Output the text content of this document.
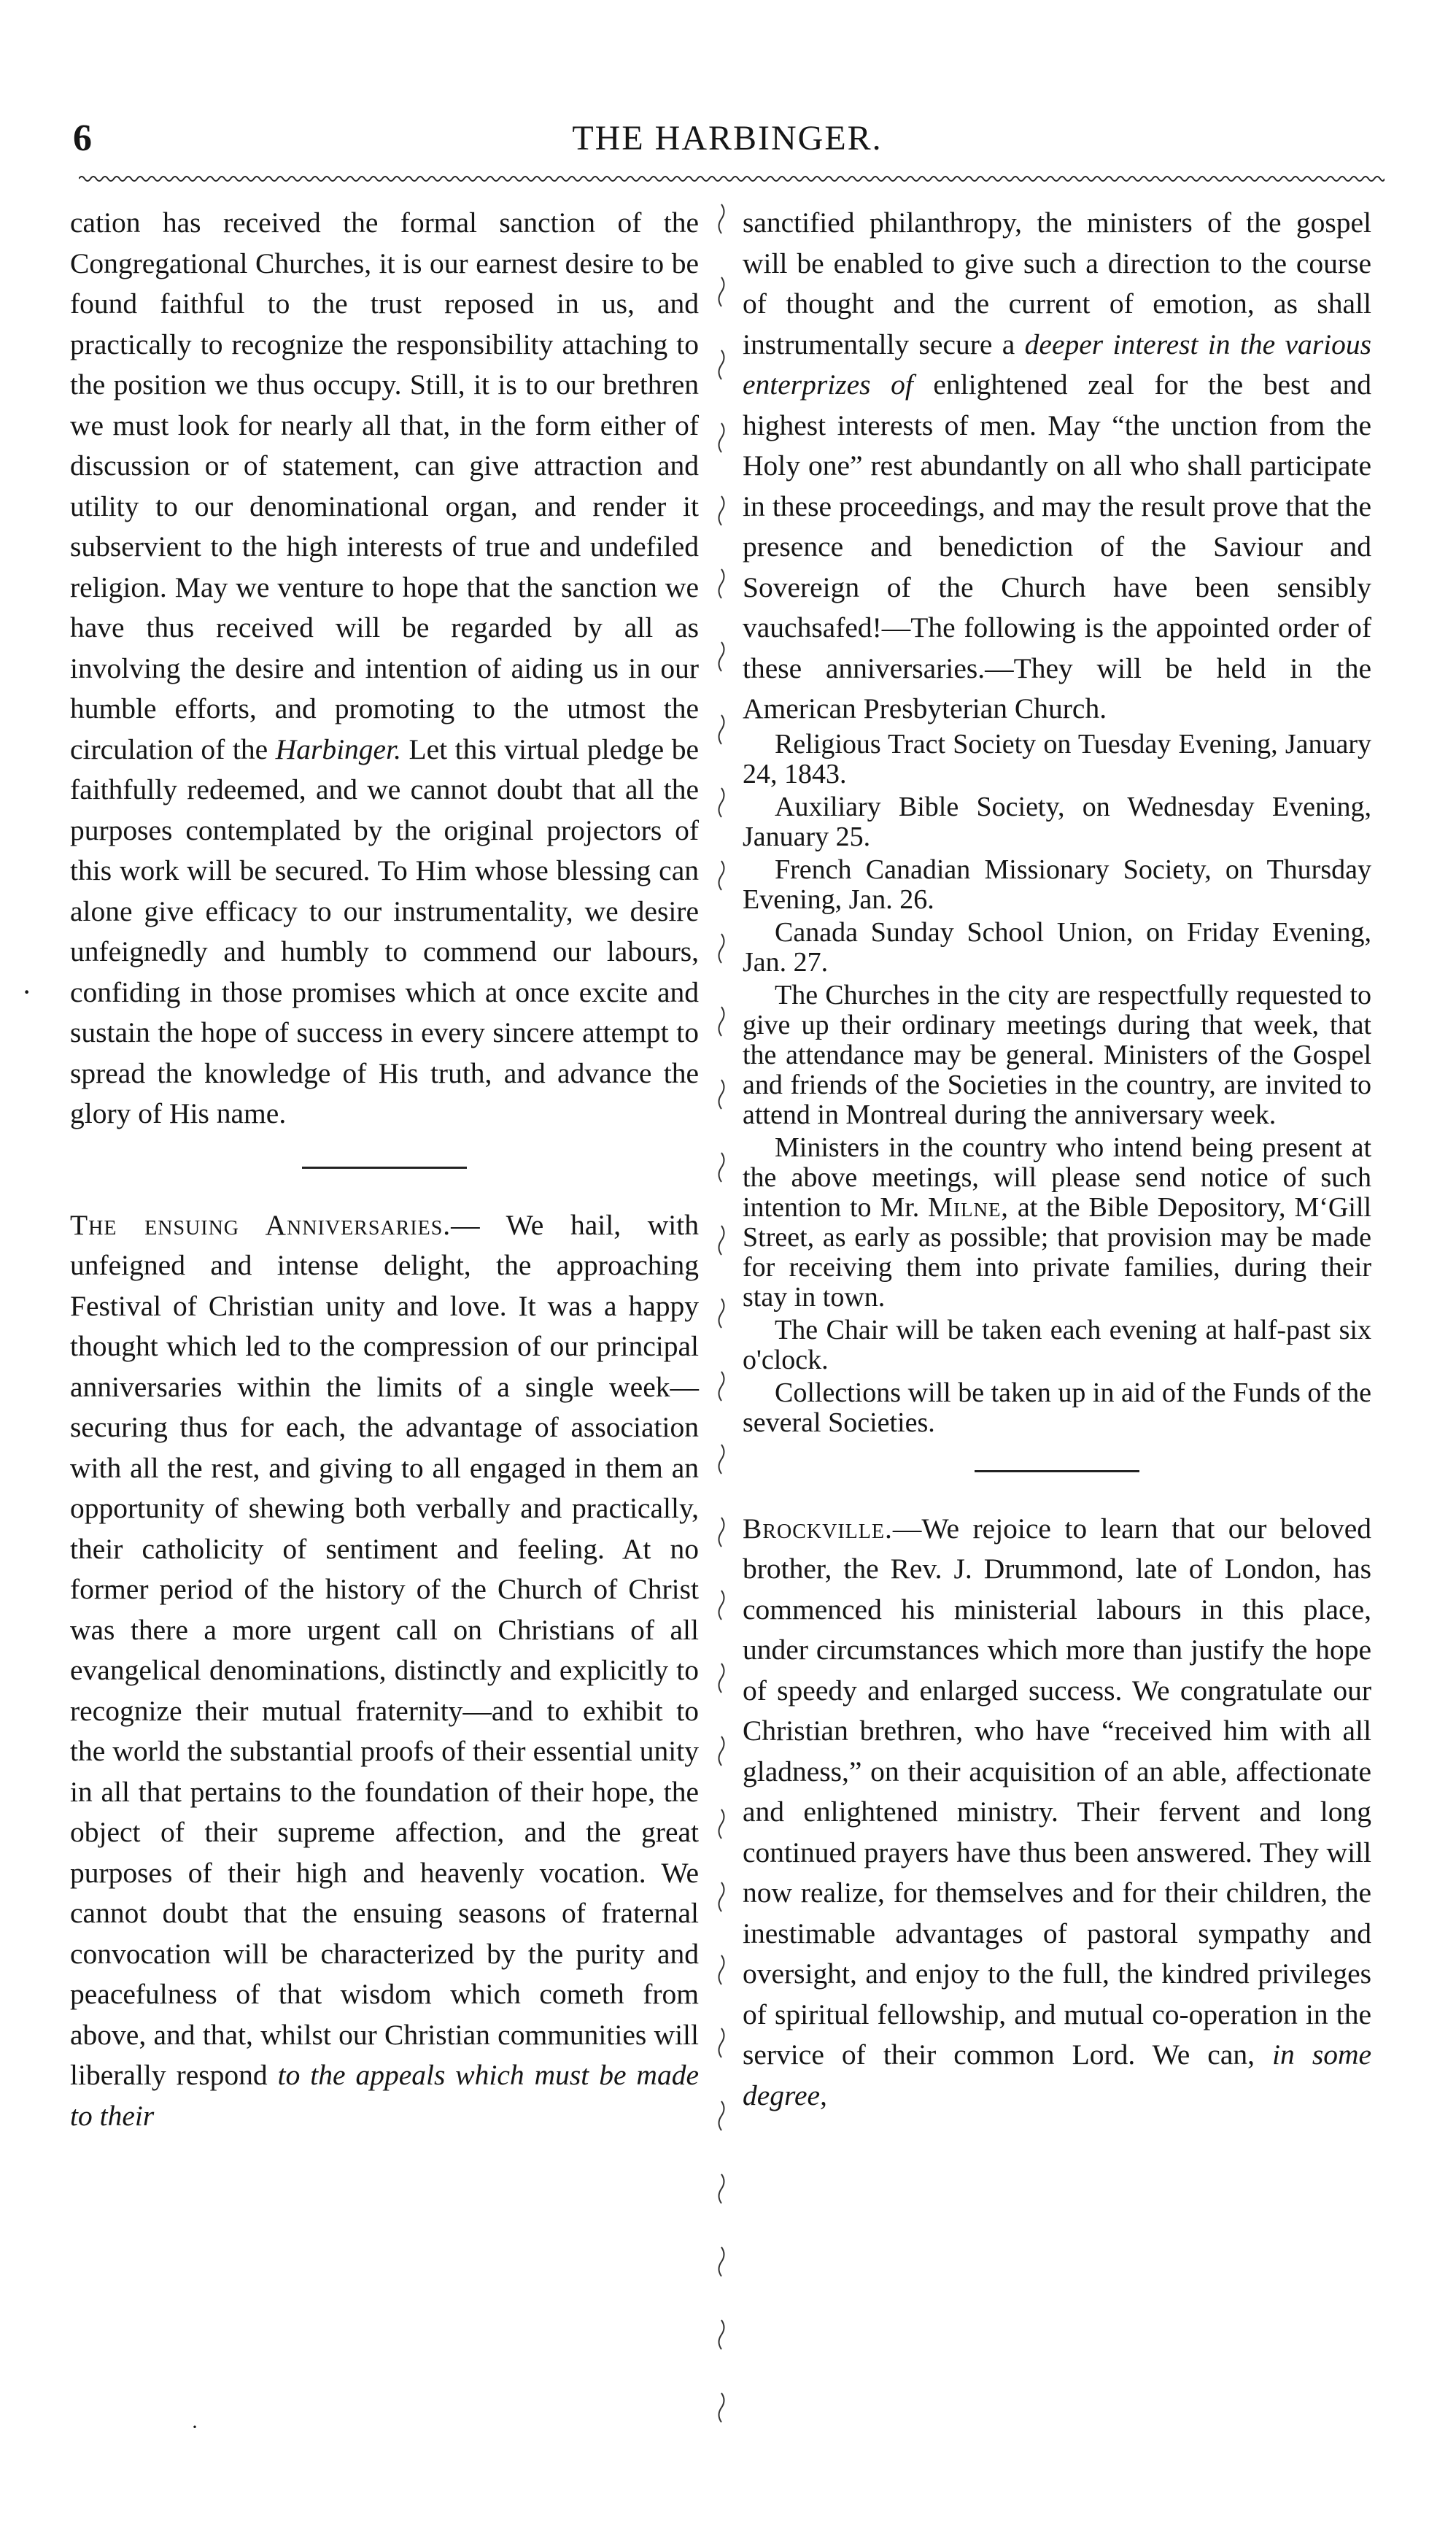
6	THE HARBINGER.

cation has received the formal sanction of the Congregational Churches, it is our earnest desire to be found faithful to the trust reposed in us, and practically to recognize the responsibility attaching to the position we thus occupy. Still, it is to our brethren we must look for nearly all that, in the form either of discussion or of statement, can give attraction and utility to our denominational organ, and render it subservient to the high interests of true and undefiled religion. May we venture to hope that the sanction we have thus received will be regarded by all as involving the desire and intention of aiding us in our humble efforts, and promoting to the utmost the circulation of the Harbinger. Let this virtual pledge be faithfully redeemed, and we cannot doubt that all the purposes contemplated by the original projectors of this work will be secured. To Him whose blessing can alone give efficacy to our instrumentality, we desire unfeignedly and humbly to commend our labours, confiding in those promises which at once excite and sustain the hope of success in every sincere attempt to spread the knowledge of His truth, and advance the glory of His name.

The ensuing Anniversaries.— We hail, with unfeigned and intense delight, the approaching Festival of Christian unity and love. It was a happy thought which led to the compression of our principal anniversaries within the limits of a single week—securing thus for each, the advantage of association with all the rest, and giving to all engaged in them an opportunity of shewing both verbally and practically, their catholicity of sentiment and feeling. At no former period of the history of the Church of Christ was there a more urgent call on Christians of all evangelical denominations, distinctly and explicitly to recognize their mutual fraternity—and to exhibit to the world the substantial proofs of their essential unity in all that pertains to the foundation of their hope, the object of their supreme affection, and the great purposes of their high and heavenly vocation. We cannot doubt that the ensuing seasons of fraternal convocation will be characterized by the purity and peacefulness of that wisdom which cometh from above, and that, whilst our Christian communities will liberally respond to the appeals which must be made to their

sanctified philanthropy, the ministers of the gospel will be enabled to give such a direction to the course of thought and the current of emotion, as shall instrumentally secure a deeper interest in the various enterprizes of enlightened zeal for the best and highest interests of men. May “the unction from the Holy one” rest abundantly on all who shall participate in these proceedings, and may the result prove that the presence and benediction of the Saviour and Sovereign of the Church have been sensibly vauchsafed!—The following is the appointed order of these anniversaries.—They will be held in the American Presbyterian Church.

Religious Tract Society on Tuesday Evening, January 24, 1843.

Auxiliary Bible Society, on Wednesday Evening, January 25.

French Canadian Missionary Society, on Thursday Evening, Jan. 26.

Canada Sunday School Union, on Friday Evening, Jan. 27.

The Churches in the city are respectfully requested to give up their ordinary meetings during that week, that the attendance may be general. Ministers of the Gospel and friends of the Societies in the country, are invited to attend in Montreal during the anniversary week.

Ministers in the country who intend being present at the above meetings, will please send notice of such intention to Mr. Milne, at the Bible Depository, M‘Gill Street, as early as possible; that provision may be made for receiving them into private families, during their stay in town.

The Chair will be taken each evening at half-past six o'clock.

Collections will be taken up in aid of the Funds of the several Societies.

Brockville.—We rejoice to learn that our beloved brother, the Rev. J. Drummond, late of London, has commenced his ministerial labours in this place, under circumstances which more than justify the hope of speedy and enlarged success. We congratulate our Christian brethren, who have “received him with all gladness,” on their acquisition of an able, affectionate and enlightened ministry. Their fervent and long continued prayers have thus been answered. They will now realize, for themselves and for their children, the inestimable advantages of pastoral sympathy and oversight, and enjoy to the full, the kindred privileges of spiritual fellowship, and mutual co-operation in the service of their common Lord. We can, in some degree,

·
·
